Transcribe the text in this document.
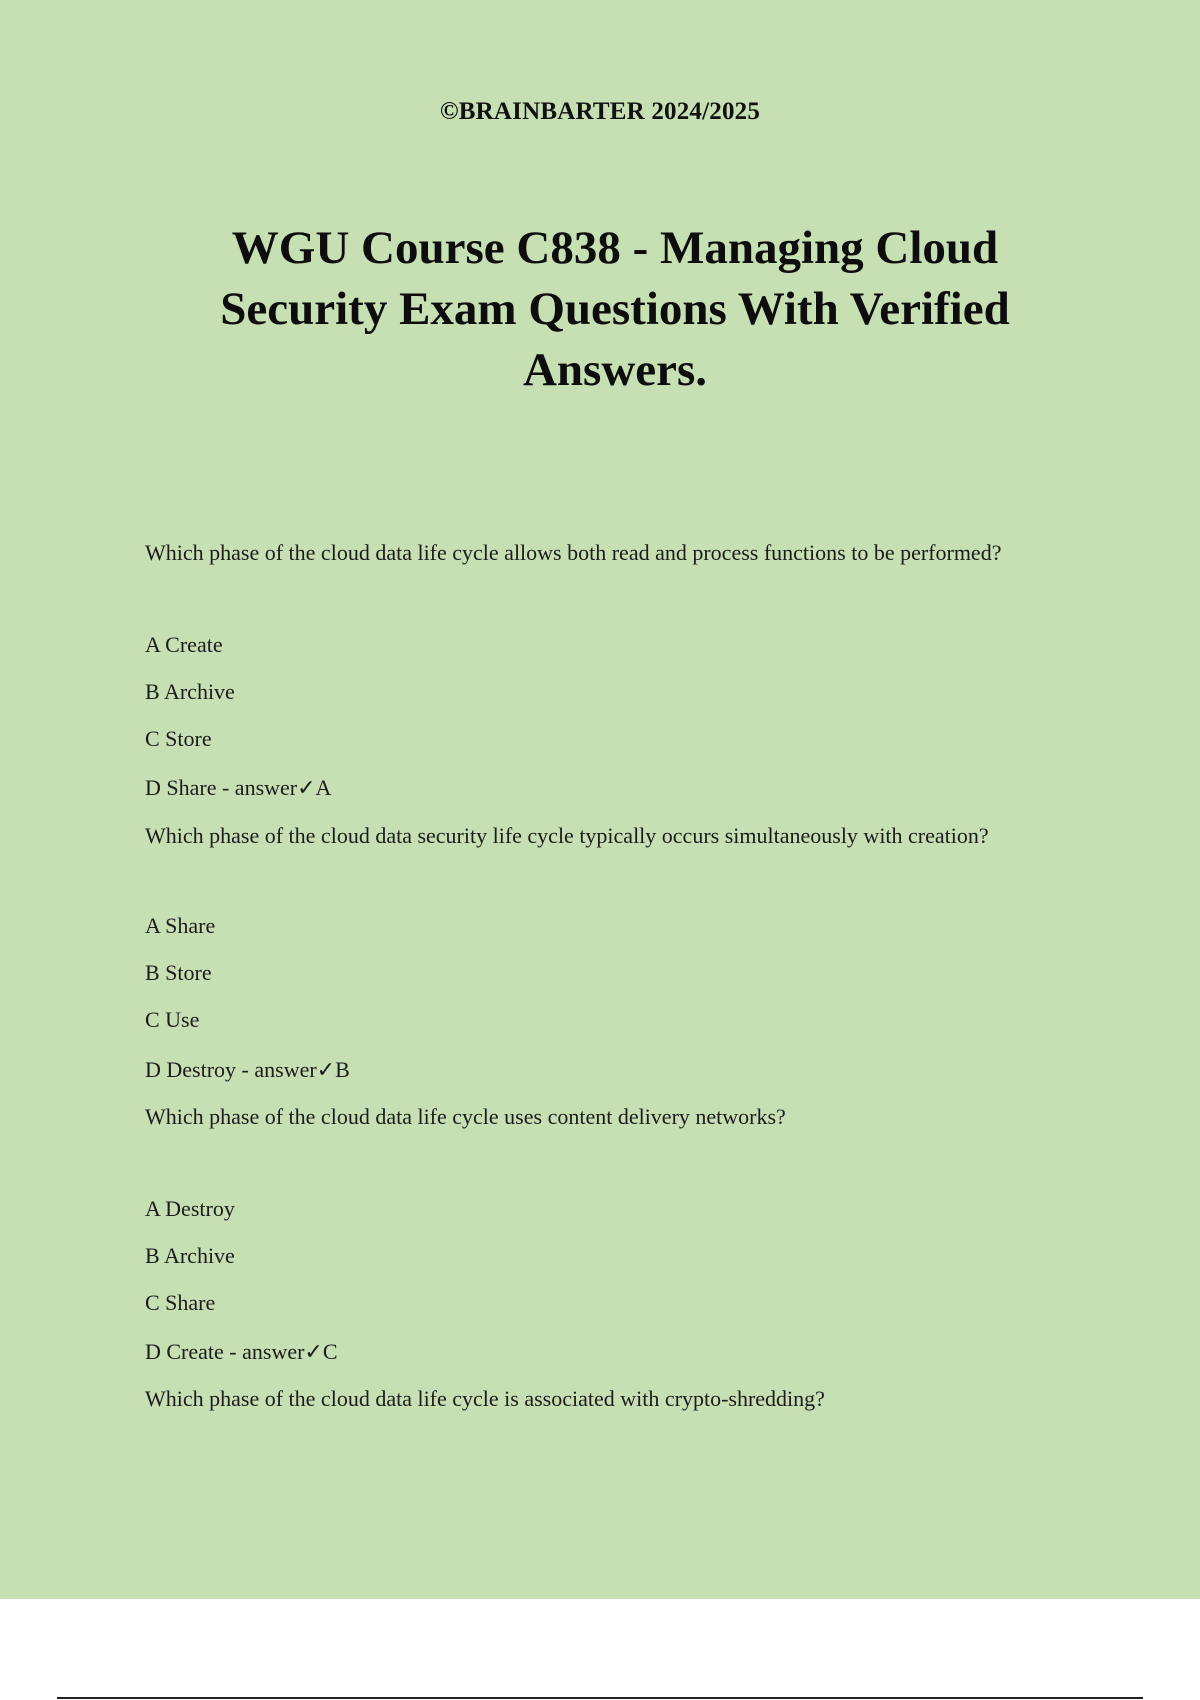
©BRAINBARTER 2024/2025
WGU Course C838 - Managing Cloud
Security Exam Questions With Verified
Answers.
Which phase of the cloud data life cycle allows both read and process functions to be performed?
A Create
B Archive
C Store
D Share - answer✓A
Which phase of the cloud data security life cycle typically occurs simultaneously with creation?
A Share
B Store
C Use
D Destroy - answer✓B
Which phase of the cloud data life cycle uses content delivery networks?
A Destroy
B Archive
C Share
D Create - answer✓C
Which phase of the cloud data life cycle is associated with crypto-shredding?
